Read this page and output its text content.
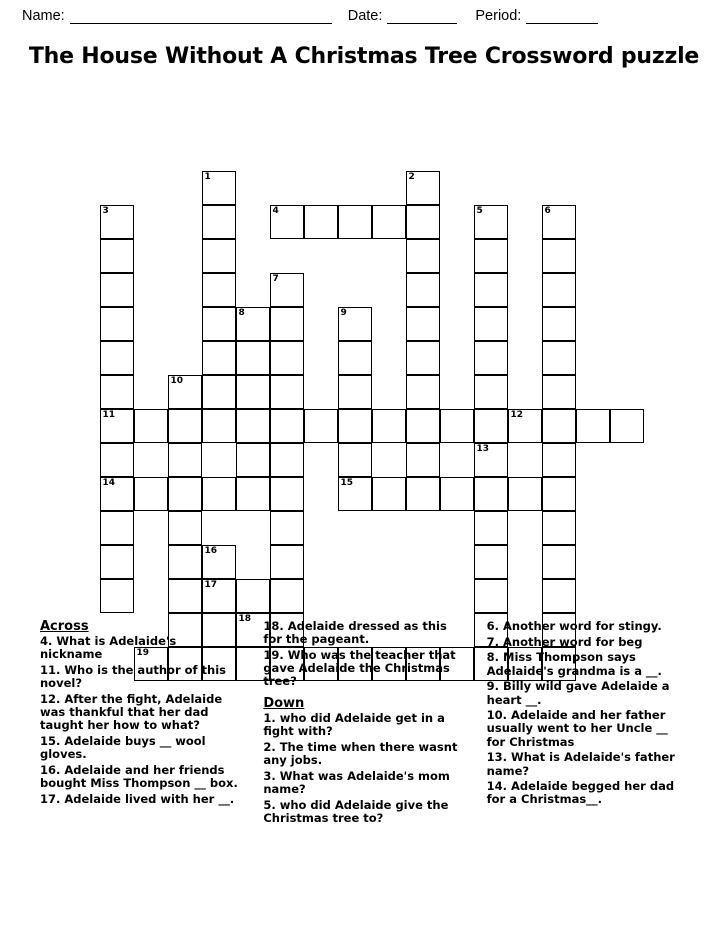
Name:	Date:	Period:
The House Without A Christmas Tree Crossword puzzle
1	2
3	4	5	6
7
8	9
10
11	12
13
14	15
16
17
18
19
Across
4. What is Adelaide's nickname
11. Who is the author of this novel?
12. After the fight, Adelaide was thankful that her dad taught her how to what?
15. Adelaide buys __ wool gloves.
16. Adelaide and her friends bought Miss Thompson __ box.
17. Adelaide lived with her __.
18. Adelaide dressed as this for the pageant.
19. Who was the teacher that gave Adelaide the Christmas tree?
Down
1. who did Adelaide get in a fight with?
2. The time when there wasnt any jobs.
3. What was Adelaide's mom name?
5. who did Adelaide give the Christmas tree to?
6. Another word for stingy.
7. Another word for beg
8. Miss Thompson says Adelaide's grandma is a __.
9. Billy wild gave Adelaide a heart __.
10. Adelaide and her father usually went to her Uncle __ for Christmas
13. What is Adelaide's father name?
14. Adelaide begged her dad for a Christmas__.
